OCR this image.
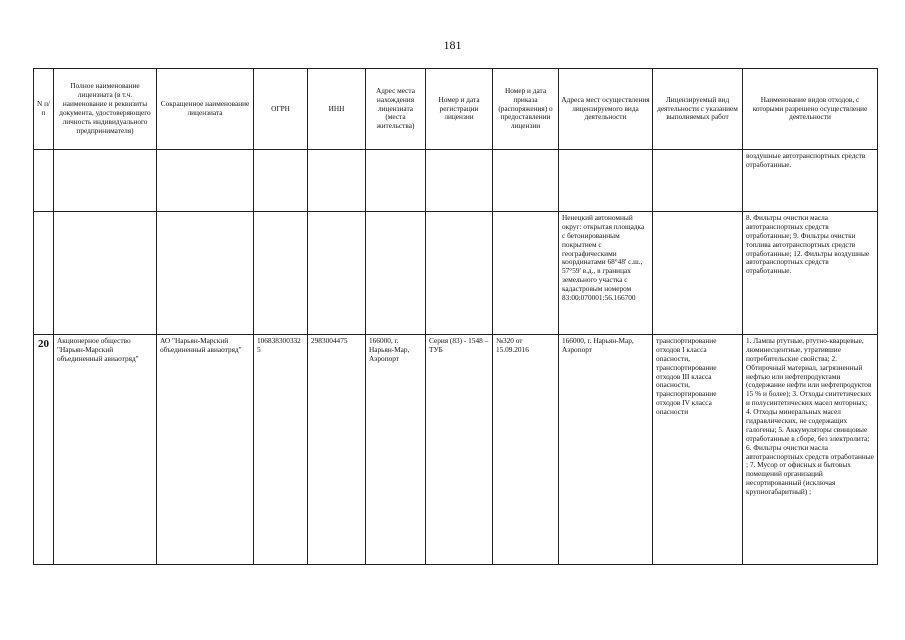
181
N п/п	Полное наименование лицензиата (в т.ч. наименование и реквизиты документа, удостоверяющего личность индивидуального предпринимателя)	Сокращенное наименование лицензиата	ОГРН	ИНН	Адрес места нахождения лицензиата (места жительства)	Номер и дата регистрации лицензии	Номер и дата приказа (распоряжения) о предоставлении лицензии	Адреса мест осуществления лицензируемого вида деятельности	Лицензируемый вид деятельности с указанием выполняемых работ	Наименование видов отходов, с которыми разрешено осуществление деятельности
										воздушные автотранспортных средств отработанные.
								Ненецкий автономный округ: открытая площадка с бетонированным покрытием с географическими координатами 68°48' с.ш., 57°59' в.д., в границах земельного участка с кадастровым номером 83:00:070001:56.166700		8. Фильтры очистки масла автотранспортных средств отработанные; 9. Фильтры очистки топлива автотранспортных средств отработанные; 12. Фильтры воздушные автотранспортных средств отработанные.
20	Акционерное общество "Нарьян-Марский объединенный авиаотряд"	АО "Нарьян-Марский объединенный авиаотряд"	1068383003325	2983004475	166000, г. Нарьян-Мар, Аэропорт	Серия (83) - 1548 – ТУБ	№320 от 15.09.2016	166000, г. Нарьян-Мар, Аэропорт	транспортирование отходов I класса опасности, транспортирование отходов III класса опасности, транспортирование отходов IV класса опасности	1. Лампы ртутные, ртутно-кварцевые, люминесцентные, утратившие потребительские свойства; 2. Обтирочный материал, загрязненный нефтью или нефтепродуктами (содержание нефти или нефтепродуктов 15 % и более); 3. Отходы синтетических и полусинтетических масел моторных; 4. Отходы минеральных масел гидравлических, не содержащих галогены; 5. Аккумуляторы свинцовые отработанные в сборе, без электролита; 6. Фильтры очистки масла автотранспортных средств отработанные ; 7. Мусор от офисных и бытовых помещений организаций несортированный (исключая крупногабаритный) ;
